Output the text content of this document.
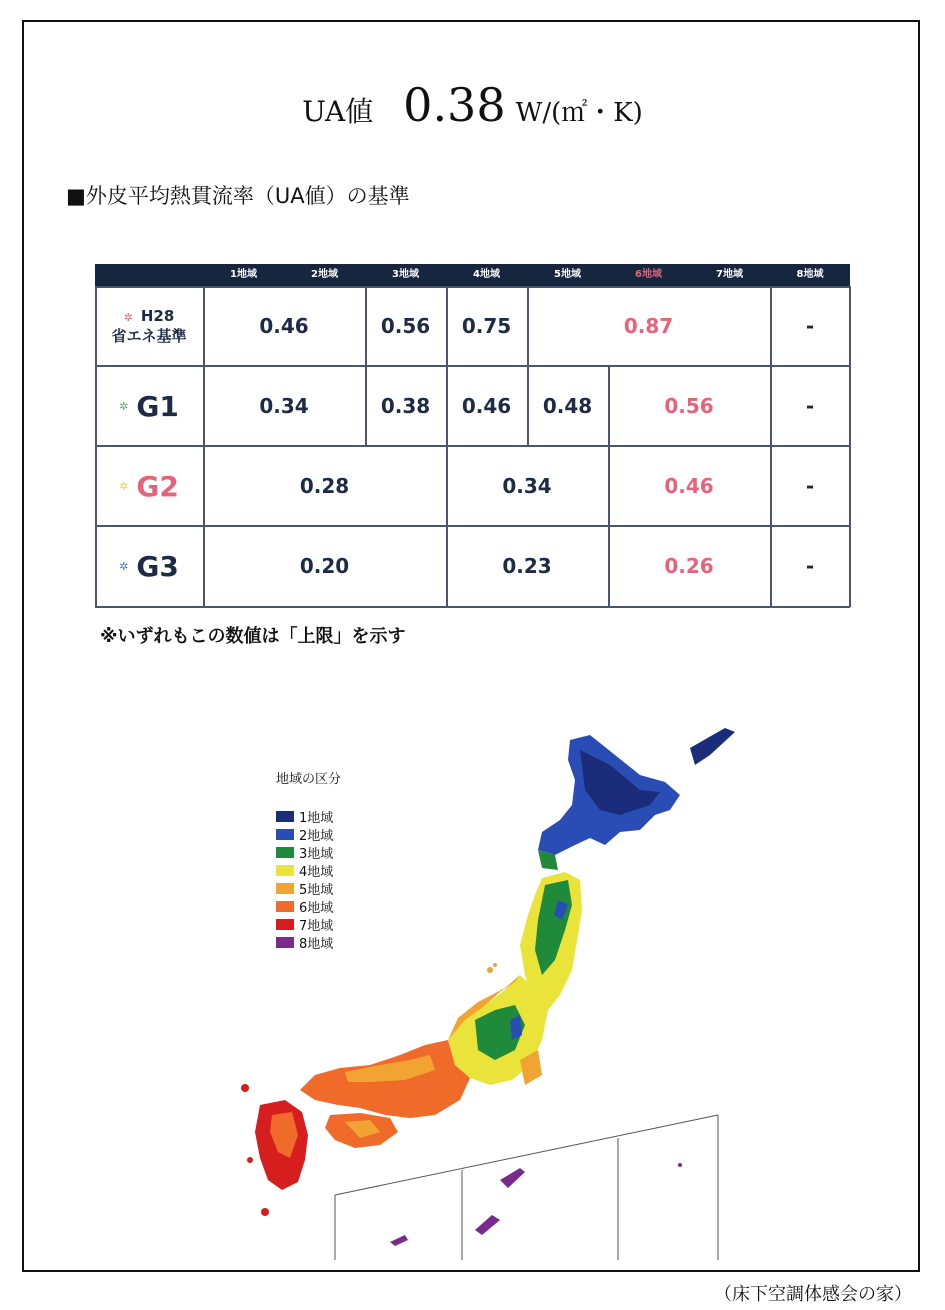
UA値 0.38 W/(㎡・K)
■外皮平均熱貫流率（UA値）の基準
1地域	2地域	3地域	4地域	5地域	6地域	7地域	8地域
✲ H28
省エネ基準	0.46	0.56	0.75	0.87	-
✲ G1	0.34	0.38	0.46	0.48	0.56	-
✲ G2	0.28	0.34	0.46	-
✲ G3	0.20	0.23	0.26	-
※いずれもこの数値は「上限」を示す
地域の区分
1地域
2地域
3地域
4地域
5地域
6地域
7地域
8地域
（床下空調体感会の家）
